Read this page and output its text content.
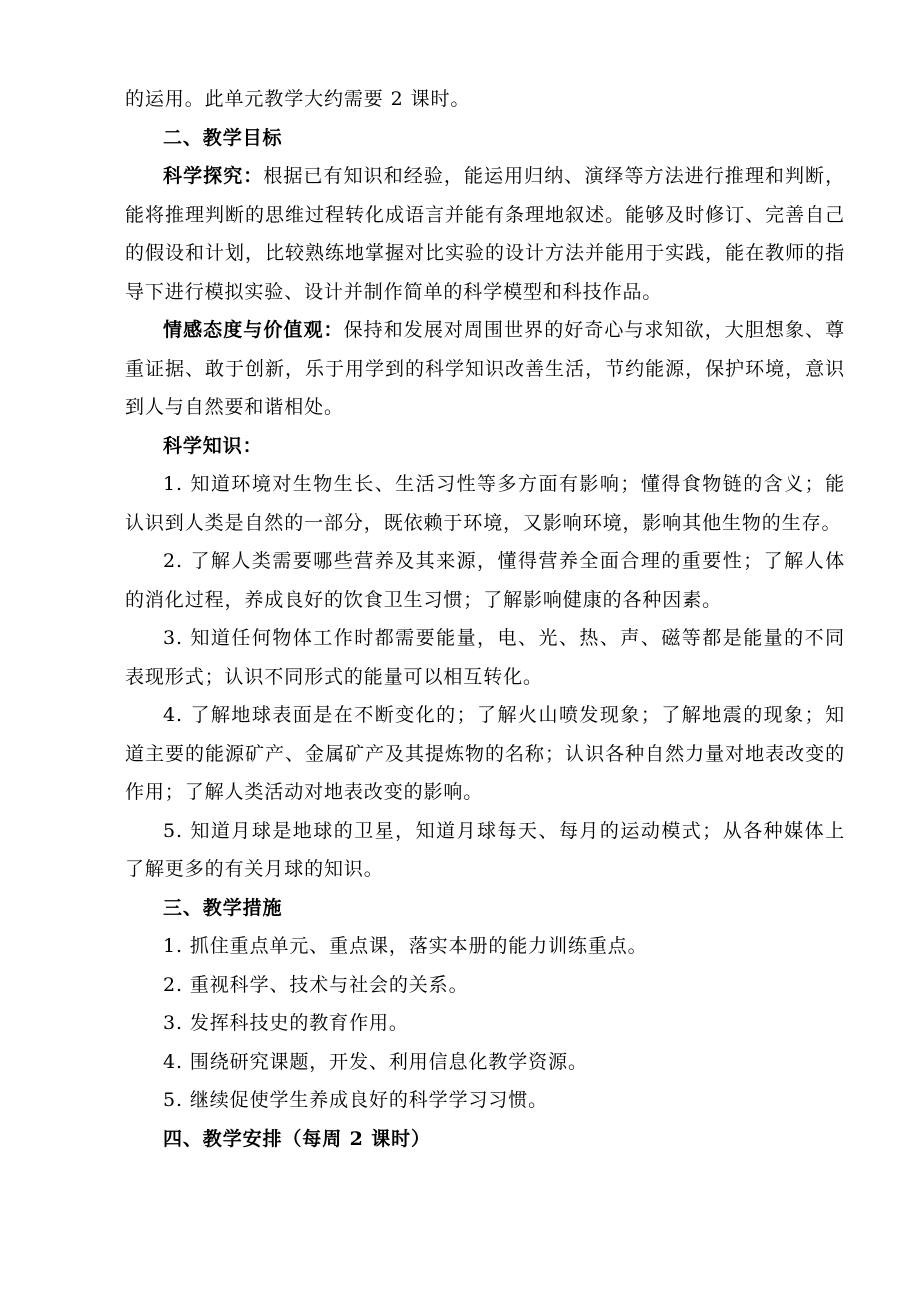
的运用。此单元教学大约需要 2 课时。

二、教学目标

科学探究：根据已有知识和经验，能运用归纳、演绎等方法进行推理和判断，能将推理判断的思维过程转化成语言并能有条理地叙述。能够及时修订、完善自己的假设和计划，比较熟练地掌握对比实验的设计方法并能用于实践，能在教师的指导下进行模拟实验、设计并制作简单的科学模型和科技作品。

情感态度与价值观：保持和发展对周围世界的好奇心与求知欲，大胆想象、尊重证据、敢于创新，乐于用学到的科学知识改善生活，节约能源，保护环境，意识到人与自然要和谐相处。

科学知识：

1. 知道环境对生物生长、生活习性等多方面有影响；懂得食物链的含义；能认识到人类是自然的一部分，既依赖于环境，又影响环境，影响其他生物的生存。

2. 了解人类需要哪些营养及其来源，懂得营养全面合理的重要性；了解人体的消化过程，养成良好的饮食卫生习惯；了解影响健康的各种因素。

3. 知道任何物体工作时都需要能量，电、光、热、声、磁等都是能量的不同表现形式；认识不同形式的能量可以相互转化。

4. 了解地球表面是在不断变化的；了解火山喷发现象；了解地震的现象；知道主要的能源矿产、金属矿产及其提炼物的名称；认识各种自然力量对地表改变的作用；了解人类活动对地表改变的影响。

5. 知道月球是地球的卫星，知道月球每天、每月的运动模式；从各种媒体上了解更多的有关月球的知识。

三、教学措施

1. 抓住重点单元、重点课，落实本册的能力训练重点。

2. 重视科学、技术与社会的关系。

3. 发挥科技史的教育作用。

4. 围绕研究课题，开发、利用信息化教学资源。

5. 继续促使学生养成良好的科学学习习惯。

四、教学安排（每周 2 课时）
